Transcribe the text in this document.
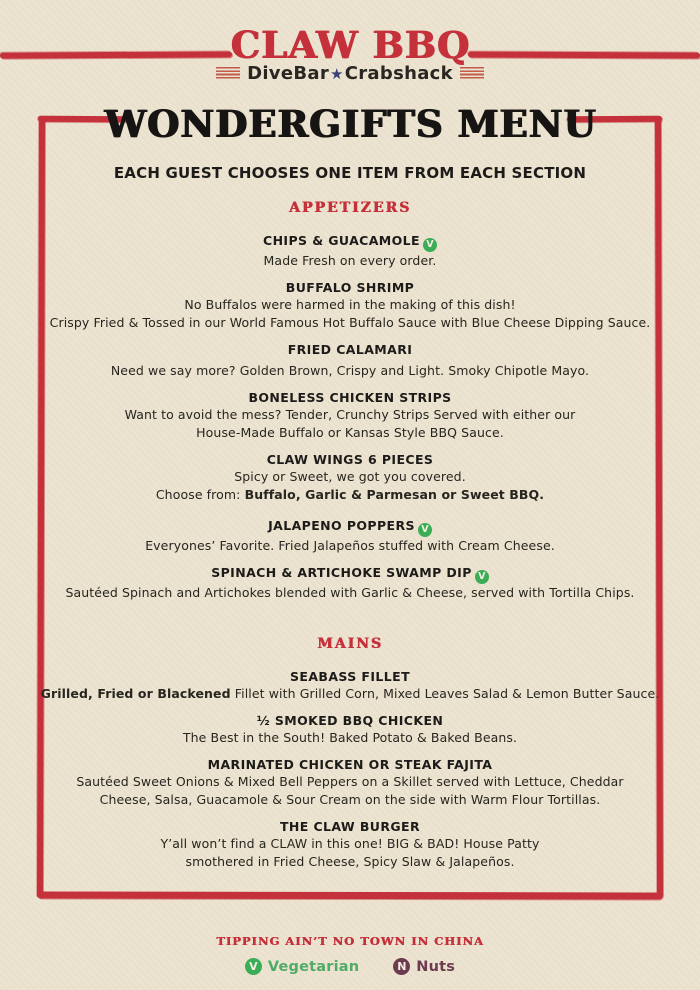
CLAW BBQ
DiveBar ★ Crabshack
WONDERGIFTS MENU
EACH GUEST CHOOSES ONE ITEM FROM EACH SECTION
APPETIZERS
CHIPS & GUACAMOLE V
Made Fresh on every order.
BUFFALO SHRIMP
No Buffalos were harmed in the making of this dish!
Crispy Fried & Tossed in our World Famous Hot Buffalo Sauce with Blue Cheese Dipping Sauce.
FRIED CALAMARI
Need we say more? Golden Brown, Crispy and Light. Smoky Chipotle Mayo.
BONELESS CHICKEN STRIPS
Want to avoid the mess? Tender, Crunchy Strips Served with either our
House-Made Buffalo or Kansas Style BBQ Sauce.
CLAW WINGS 6 PIECES
Spicy or Sweet, we got you covered.
Choose from: Buffalo, Garlic & Parmesan or Sweet BBQ.
JALAPENO POPPERS V
Everyones’ Favorite. Fried Jalapeños stuffed with Cream Cheese.
SPINACH & ARTICHOKE SWAMP DIP V
Sautéed Spinach and Artichokes blended with Garlic & Cheese, served with Tortilla Chips.
MAINS
SEABASS FILLET
Grilled, Fried or Blackened Fillet with Grilled Corn, Mixed Leaves Salad & Lemon Butter Sauce.
½ SMOKED BBQ CHICKEN
The Best in the South! Baked Potato & Baked Beans.
MARINATED CHICKEN OR STEAK FAJITA
Sautéed Sweet Onions & Mixed Bell Peppers on a Skillet served with Lettuce, Cheddar
Cheese, Salsa, Guacamole & Sour Cream on the side with Warm Flour Tortillas.
THE CLAW BURGER
Y’all won’t find a CLAW in this one! BIG & BAD! House Patty
smothered in Fried Cheese, Spicy Slaw & Jalapeños.
TIPPING AIN’T NO TOWN IN CHINA
V Vegetarian	N Nuts
